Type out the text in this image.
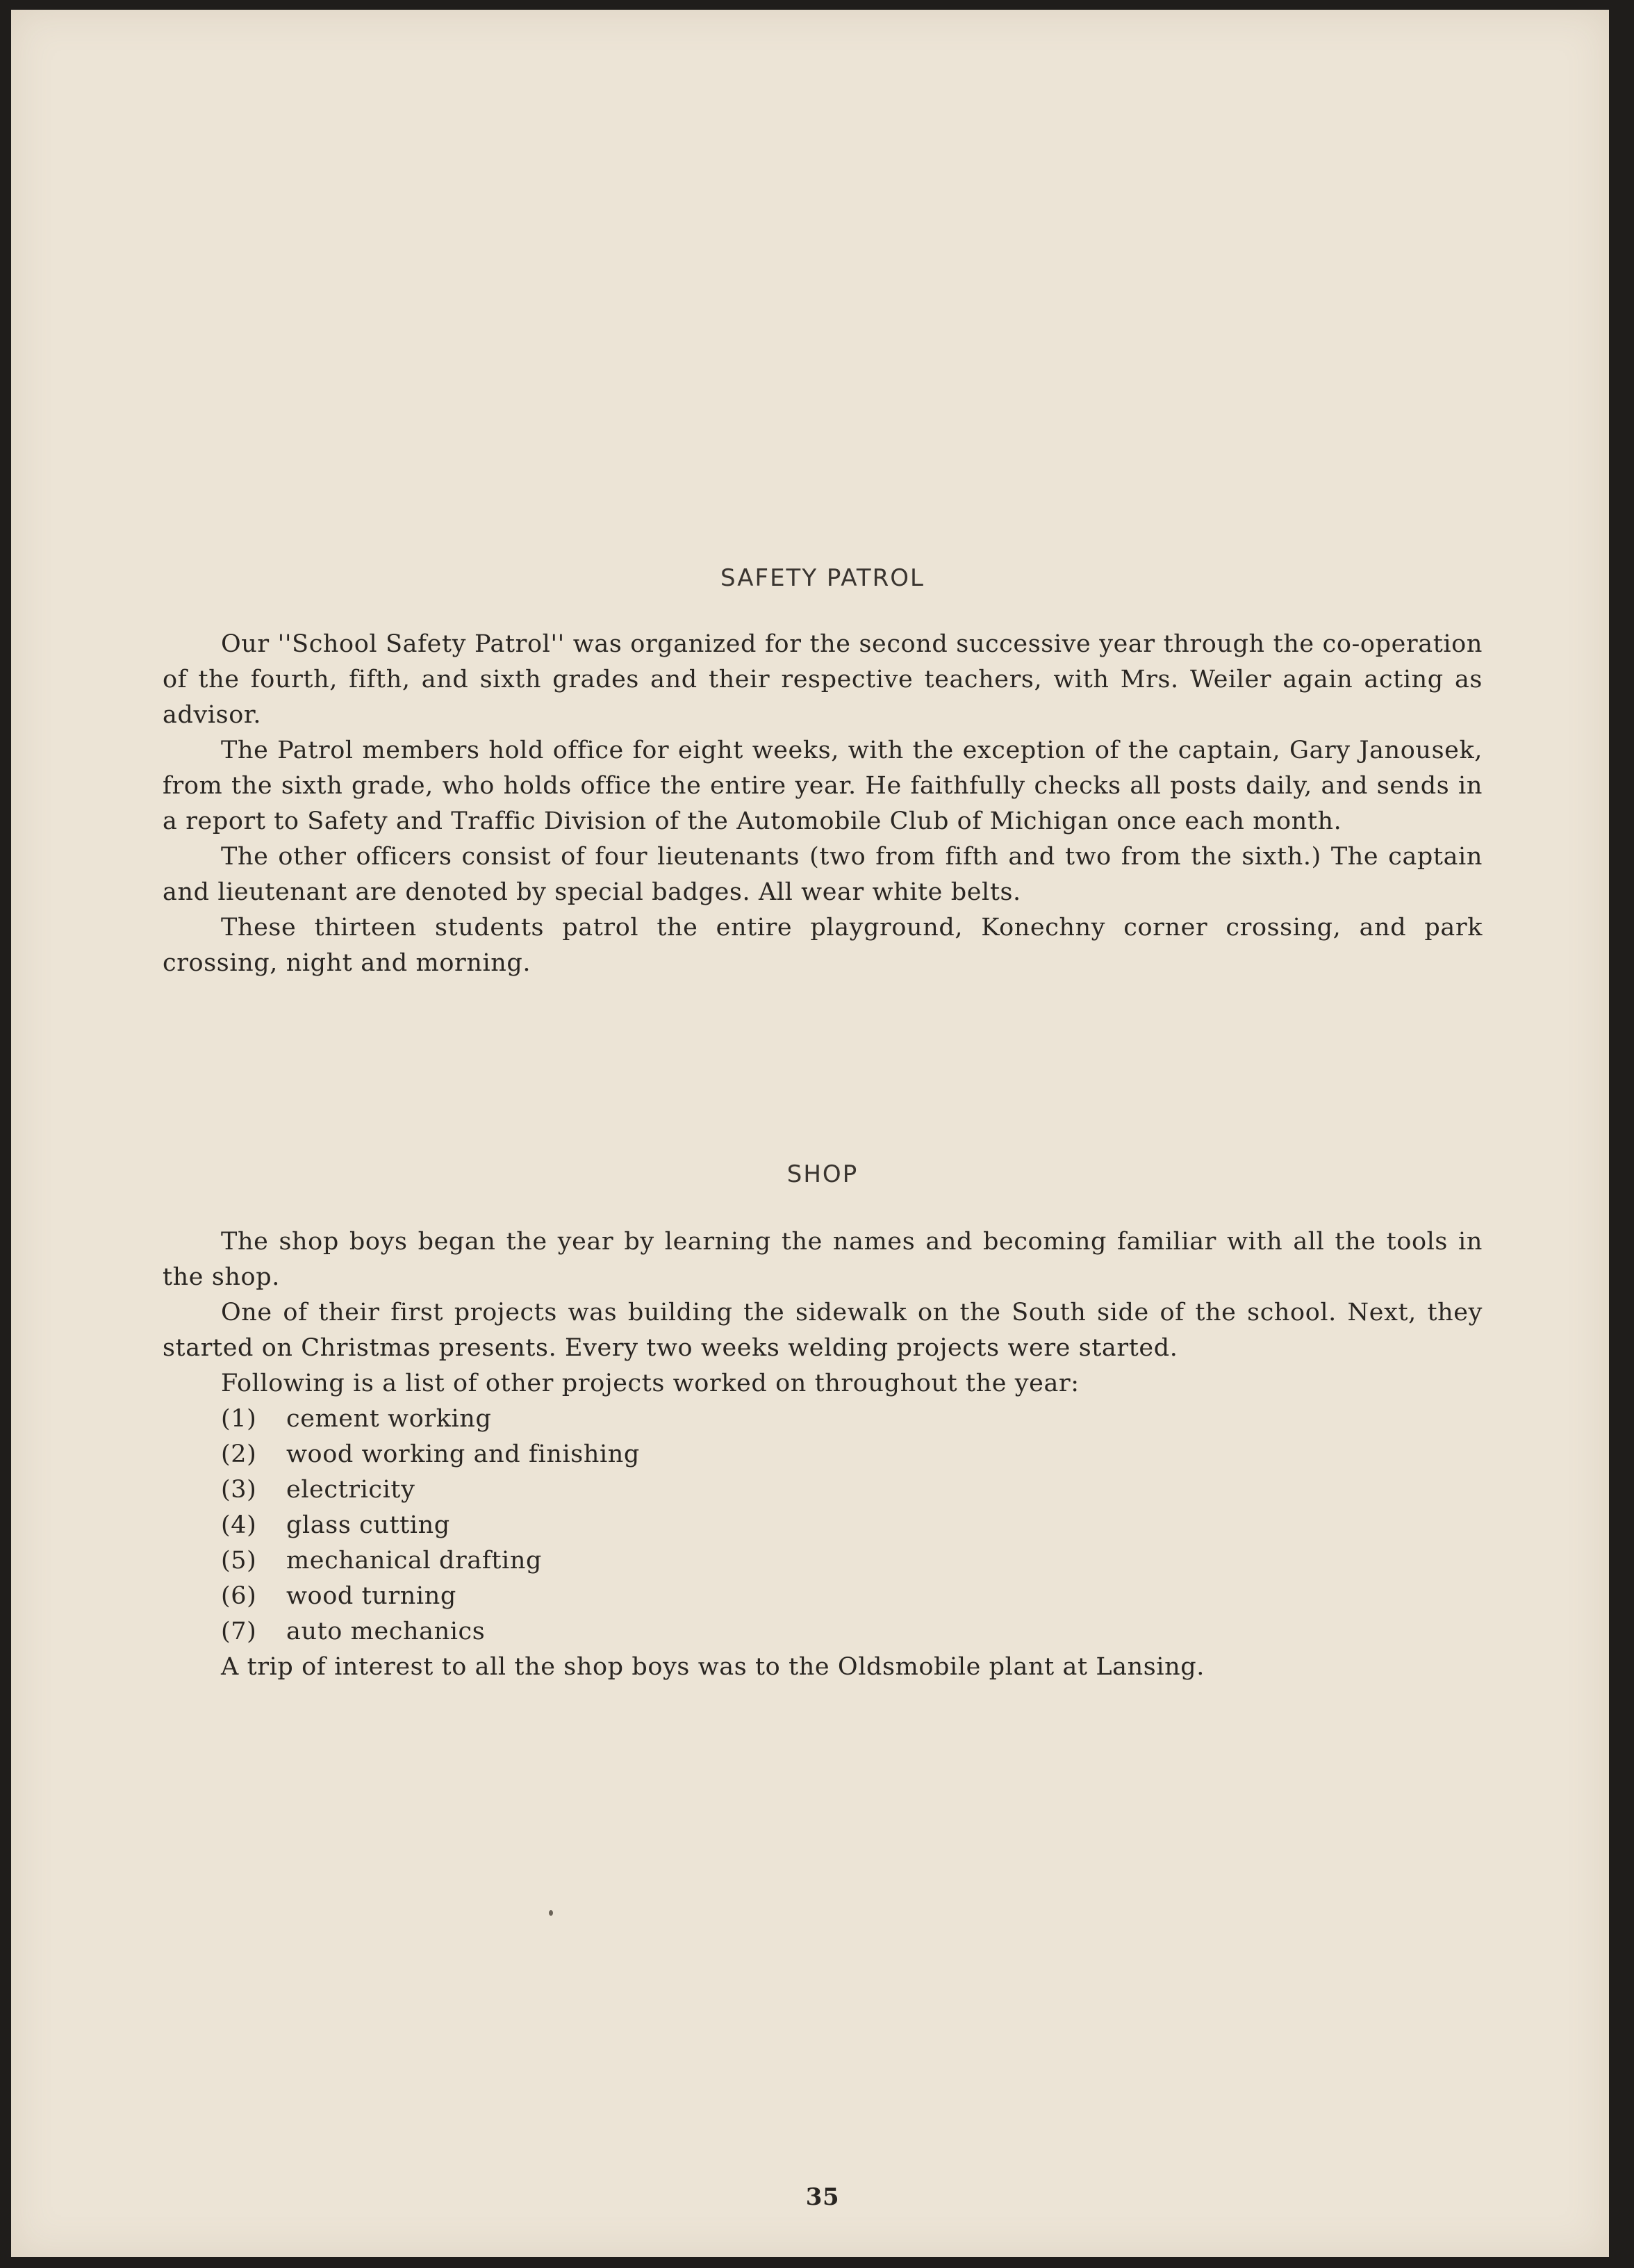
SAFETY PATROL

Our ''School Safety Patrol'' was organized for the second successive year through the co-operation of the fourth, fifth, and sixth grades and their respective teachers, with Mrs. Weiler again acting as advisor.

The Patrol members hold office for eight weeks, with the exception of the captain, Gary Janousek, from the sixth grade, who holds office the entire year. He faithfully checks all posts daily, and sends in a report to Safety and Traffic Division of the Automobile Club of Michigan once each month.

The other officers consist of four lieutenants (two from fifth and two from the sixth.) The captain and lieutenant are denoted by special badges. All wear white belts.

These thirteen students patrol the entire playground, Konechny corner crossing, and park crossing, night and morning.

SHOP

The shop boys began the year by learning the names and becoming familiar with all the tools in the shop.

One of their first projects was building the sidewalk on the South side of the school. Next, they started on Christmas presents. Every two weeks welding projects were started.

Following is a list of other projects worked on throughout the year:

(1) cement working
(2) wood working and finishing
(3) electricity
(4) glass cutting
(5) mechanical drafting
(6) wood turning
(7) auto mechanics

A trip of interest to all the shop boys was to the Oldsmobile plant at Lansing.

35
